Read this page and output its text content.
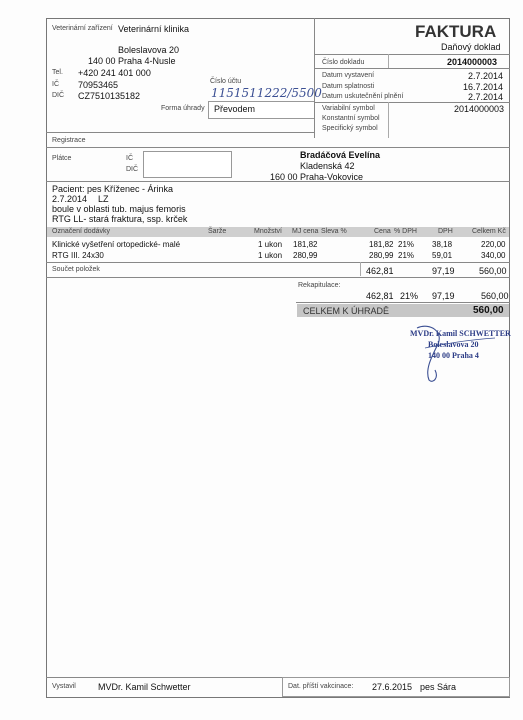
Veterinární zařízení Veterinární klinika
Boleslavova 20
140 00 Praha 4-Nusle
Tel. +420 241 401 000
IČ 70953465
DIČ CZ7510135182
Číslo účtu
1151511222/5500
Forma úhrady Převodem
FAKTURA
Daňový doklad
Číslo dokladu	2014000003
Datum vystavení	2.7.2014
Datum splatnosti	16.7.2014
Datum uskutečnění plnění	2.7.2014
Variabilní symbol	2014000003
Konstantní symbol
Specifický symbol
Registrace
Plátce	IČ
DIČ
Bradáčová Evelína
Kladenská 42
160 00 Praha-Vokovice
Pacient: pes Kříženec - Árinka
2.7.2014 LZ
boule v oblasti tub. majus femoris
RTG LL- stará fraktura, ssp. krček
Označení dodávky	Šarže	Množství MJ cena Sleva %	Cena % DPH	DPH	Celkem Kč
Klinické vyšetření ortopedické- malé	1 ukon 181,82	181,82 21% 38,18	220,00
RTG III. 24x30	1 ukon 280,99	280,99 21% 59,01	340,00
Součet položek	462,81	97,19	560,00
Rekapitulace:
462,81 21% 97,19	560,00
CELKEM K ÚHRADĚ	560,00
MVDr. Kamil SCHWETTER
Boleslavova 20
140 00 Praha 4
Vystavil MVDr. Kamil Schwetter	Dat. příští vakcinace: 27.6.2015 pes Sára
